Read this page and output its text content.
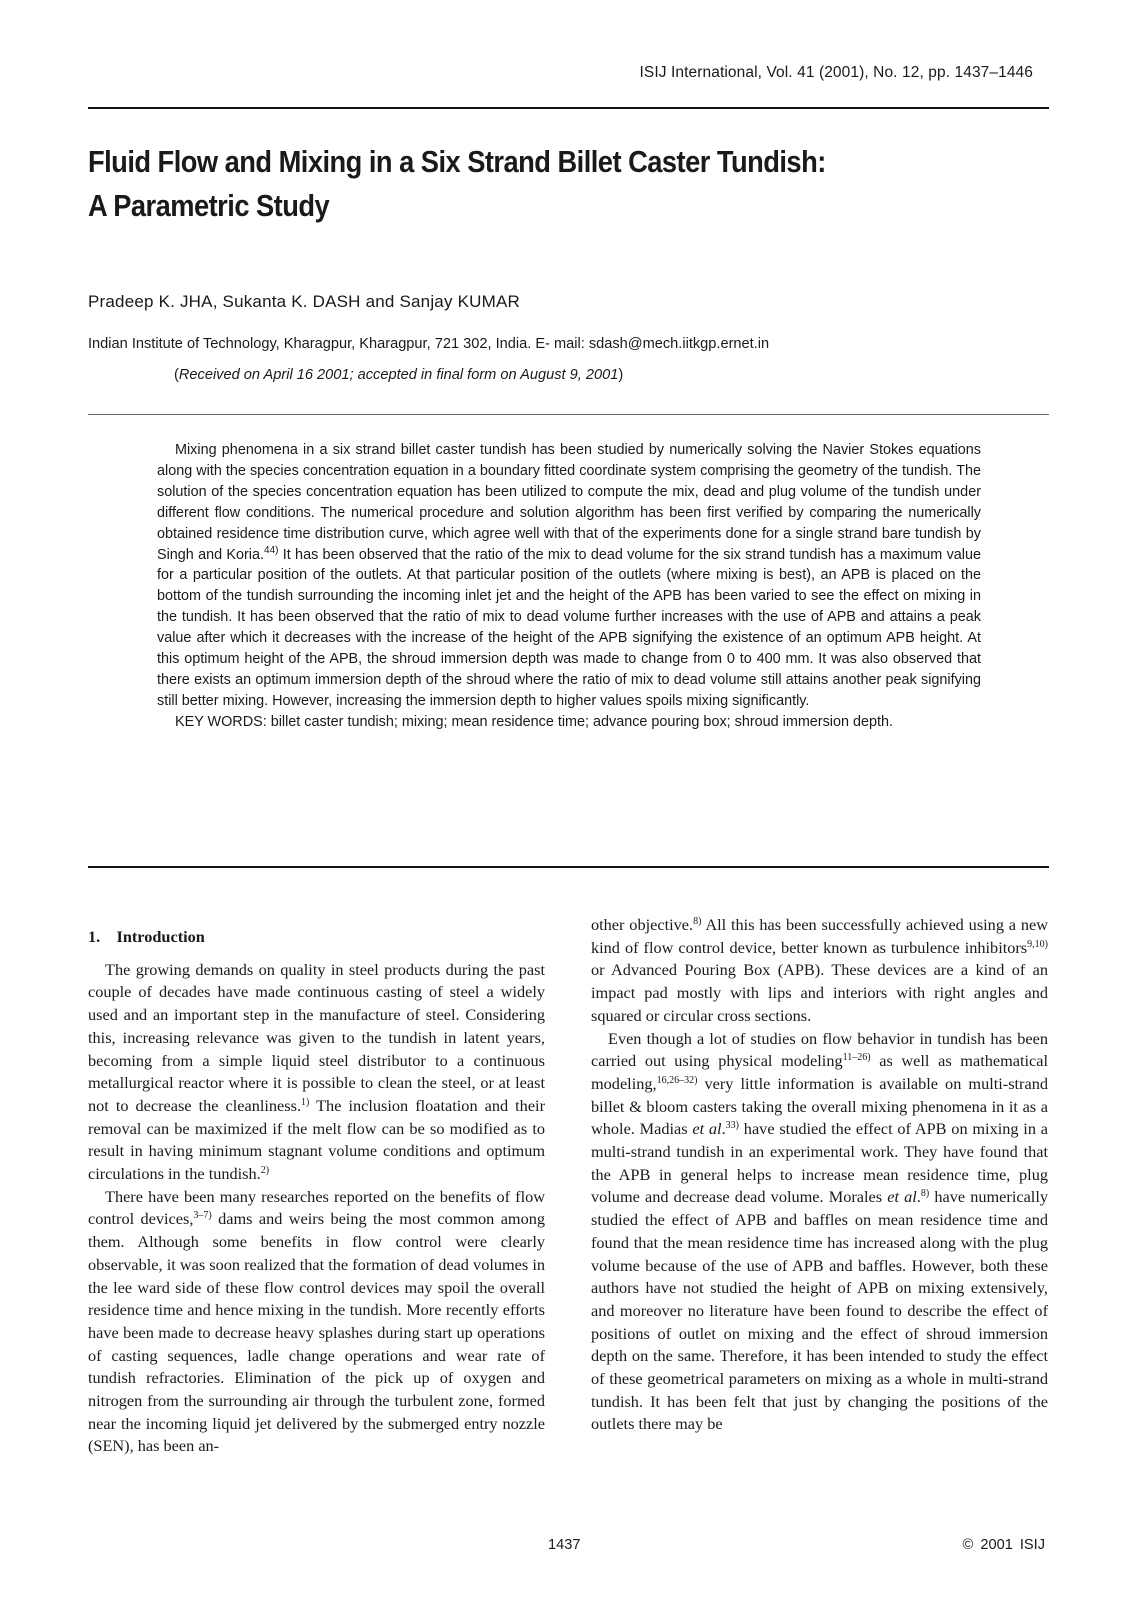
ISIJ International, Vol. 41 (2001), No. 12, pp. 1437–1446
Fluid Flow and Mixing in a Six Strand Billet Caster Tundish:
A Parametric Study
Pradeep K. JHA, Sukanta K. DASH and Sanjay KUMAR
Indian Institute of Technology, Kharagpur, Kharagpur, 721 302, India. E- mail: sdash@mech.iitkgp.ernet.in
(Received on April 16 2001; accepted in final form on August 9, 2001)

Mixing phenomena in a six strand billet caster tundish has been studied by numerically solving the Navier Stokes equations along with the species concentration equation in a boundary fitted coordinate system comprising the geometry of the tundish. The solution of the species concentration equation has been utilized to compute the mix, dead and plug volume of the tundish under different flow conditions. The numerical procedure and solution algorithm has been first verified by comparing the numerically obtained residence time distribution curve, which agree well with that of the experiments done for a single strand bare tundish by Singh and Koria.$^{44)}$ It has been observed that the ratio of the mix to dead volume for the six strand tundish has a maximum value for a particular position of the outlets. At that particular position of the outlets (where mixing is best), an APB is placed on the bottom of the tundish surrounding the incoming inlet jet and the height of the APB has been varied to see the effect on mixing in the tundish. It has been observed that the ratio of mix to dead volume further increases with the use of APB and attains a peak value after which it decreases with the increase of the height of the APB signifying the existence of an optimum APB height. At this optimum height of the APB, the shroud immersion depth was made to change from 0 to 400 mm. It was also observed that there exists an optimum immersion depth of the shroud where the ratio of mix to dead volume still attains another peak signifying still better mixing. However, increasing the immersion depth to higher values spoils mixing significantly.

KEY WORDS: billet caster tundish; mixing; mean residence time; advance pouring box; shroud immersion depth.

1. Introduction

The growing demands on quality in steel products during the past couple of decades have made continuous casting of steel a widely used and an important step in the manufacture of steel. Considering this, increasing relevance was given to the tundish in latent years, becoming from a simple liquid steel distributor to a continuous metallurgical reactor where it is possible to clean the steel, or at least not to decrease the cleanliness.$^{1)}$ The inclusion floatation and their removal can be maximized if the melt flow can be so modified as to result in having minimum stagnant volume conditions and optimum circulations in the tundish.$^{2)}$

There have been many researches reported on the benefits of flow control devices,$^{3-7)}$ dams and weirs being the most common among them. Although some benefits in flow control were clearly observable, it was soon realized that the formation of dead volumes in the lee ward side of these flow control devices may spoil the overall residence time and hence mixing in the tundish. More recently efforts have been made to decrease heavy splashes during start up operations of casting sequences, ladle change operations and wear rate of tundish refractories. Elimination of the pick up of oxygen and nitrogen from the surrounding air through the turbulent zone, formed near the incoming liquid jet delivered by the submerged entry nozzle (SEN), has been an-

other objective.$^{8)}$ All this has been successfully achieved using a new kind of flow control device, better known as turbulence inhibitors$^{9,10)}$ or Advanced Pouring Box (APB). These devices are a kind of an impact pad mostly with lips and interiors with right angles and squared or circular cross sections.

Even though a lot of studies on flow behavior in tundish has been carried out using physical modeling$^{11-26)}$ as well as mathematical modeling,$^{16,26-32)}$ very little information is available on multi-strand billet & bloom casters taking the overall mixing phenomena in it as a whole. Madias et al.$^{33)}$ have studied the effect of APB on mixing in a multi-strand tundish in an experimental work. They have found that the APB in general helps to increase mean residence time, plug volume and decrease dead volume. Morales et al.$^{8)}$ have numerically studied the effect of APB and baffles on mean residence time and found that the mean residence time has increased along with the plug volume because of the use of APB and baffles. However, both these authors have not studied the height of APB on mixing extensively, and moreover no literature have been found to describe the effect of positions of outlet on mixing and the effect of shroud immersion depth on the same. Therefore, it has been intended to study the effect of these geometrical parameters on mixing as a whole in multi-strand tundish. It has been felt that just by changing the positions of the outlets there may be

1437	© 2001 ISIJ
